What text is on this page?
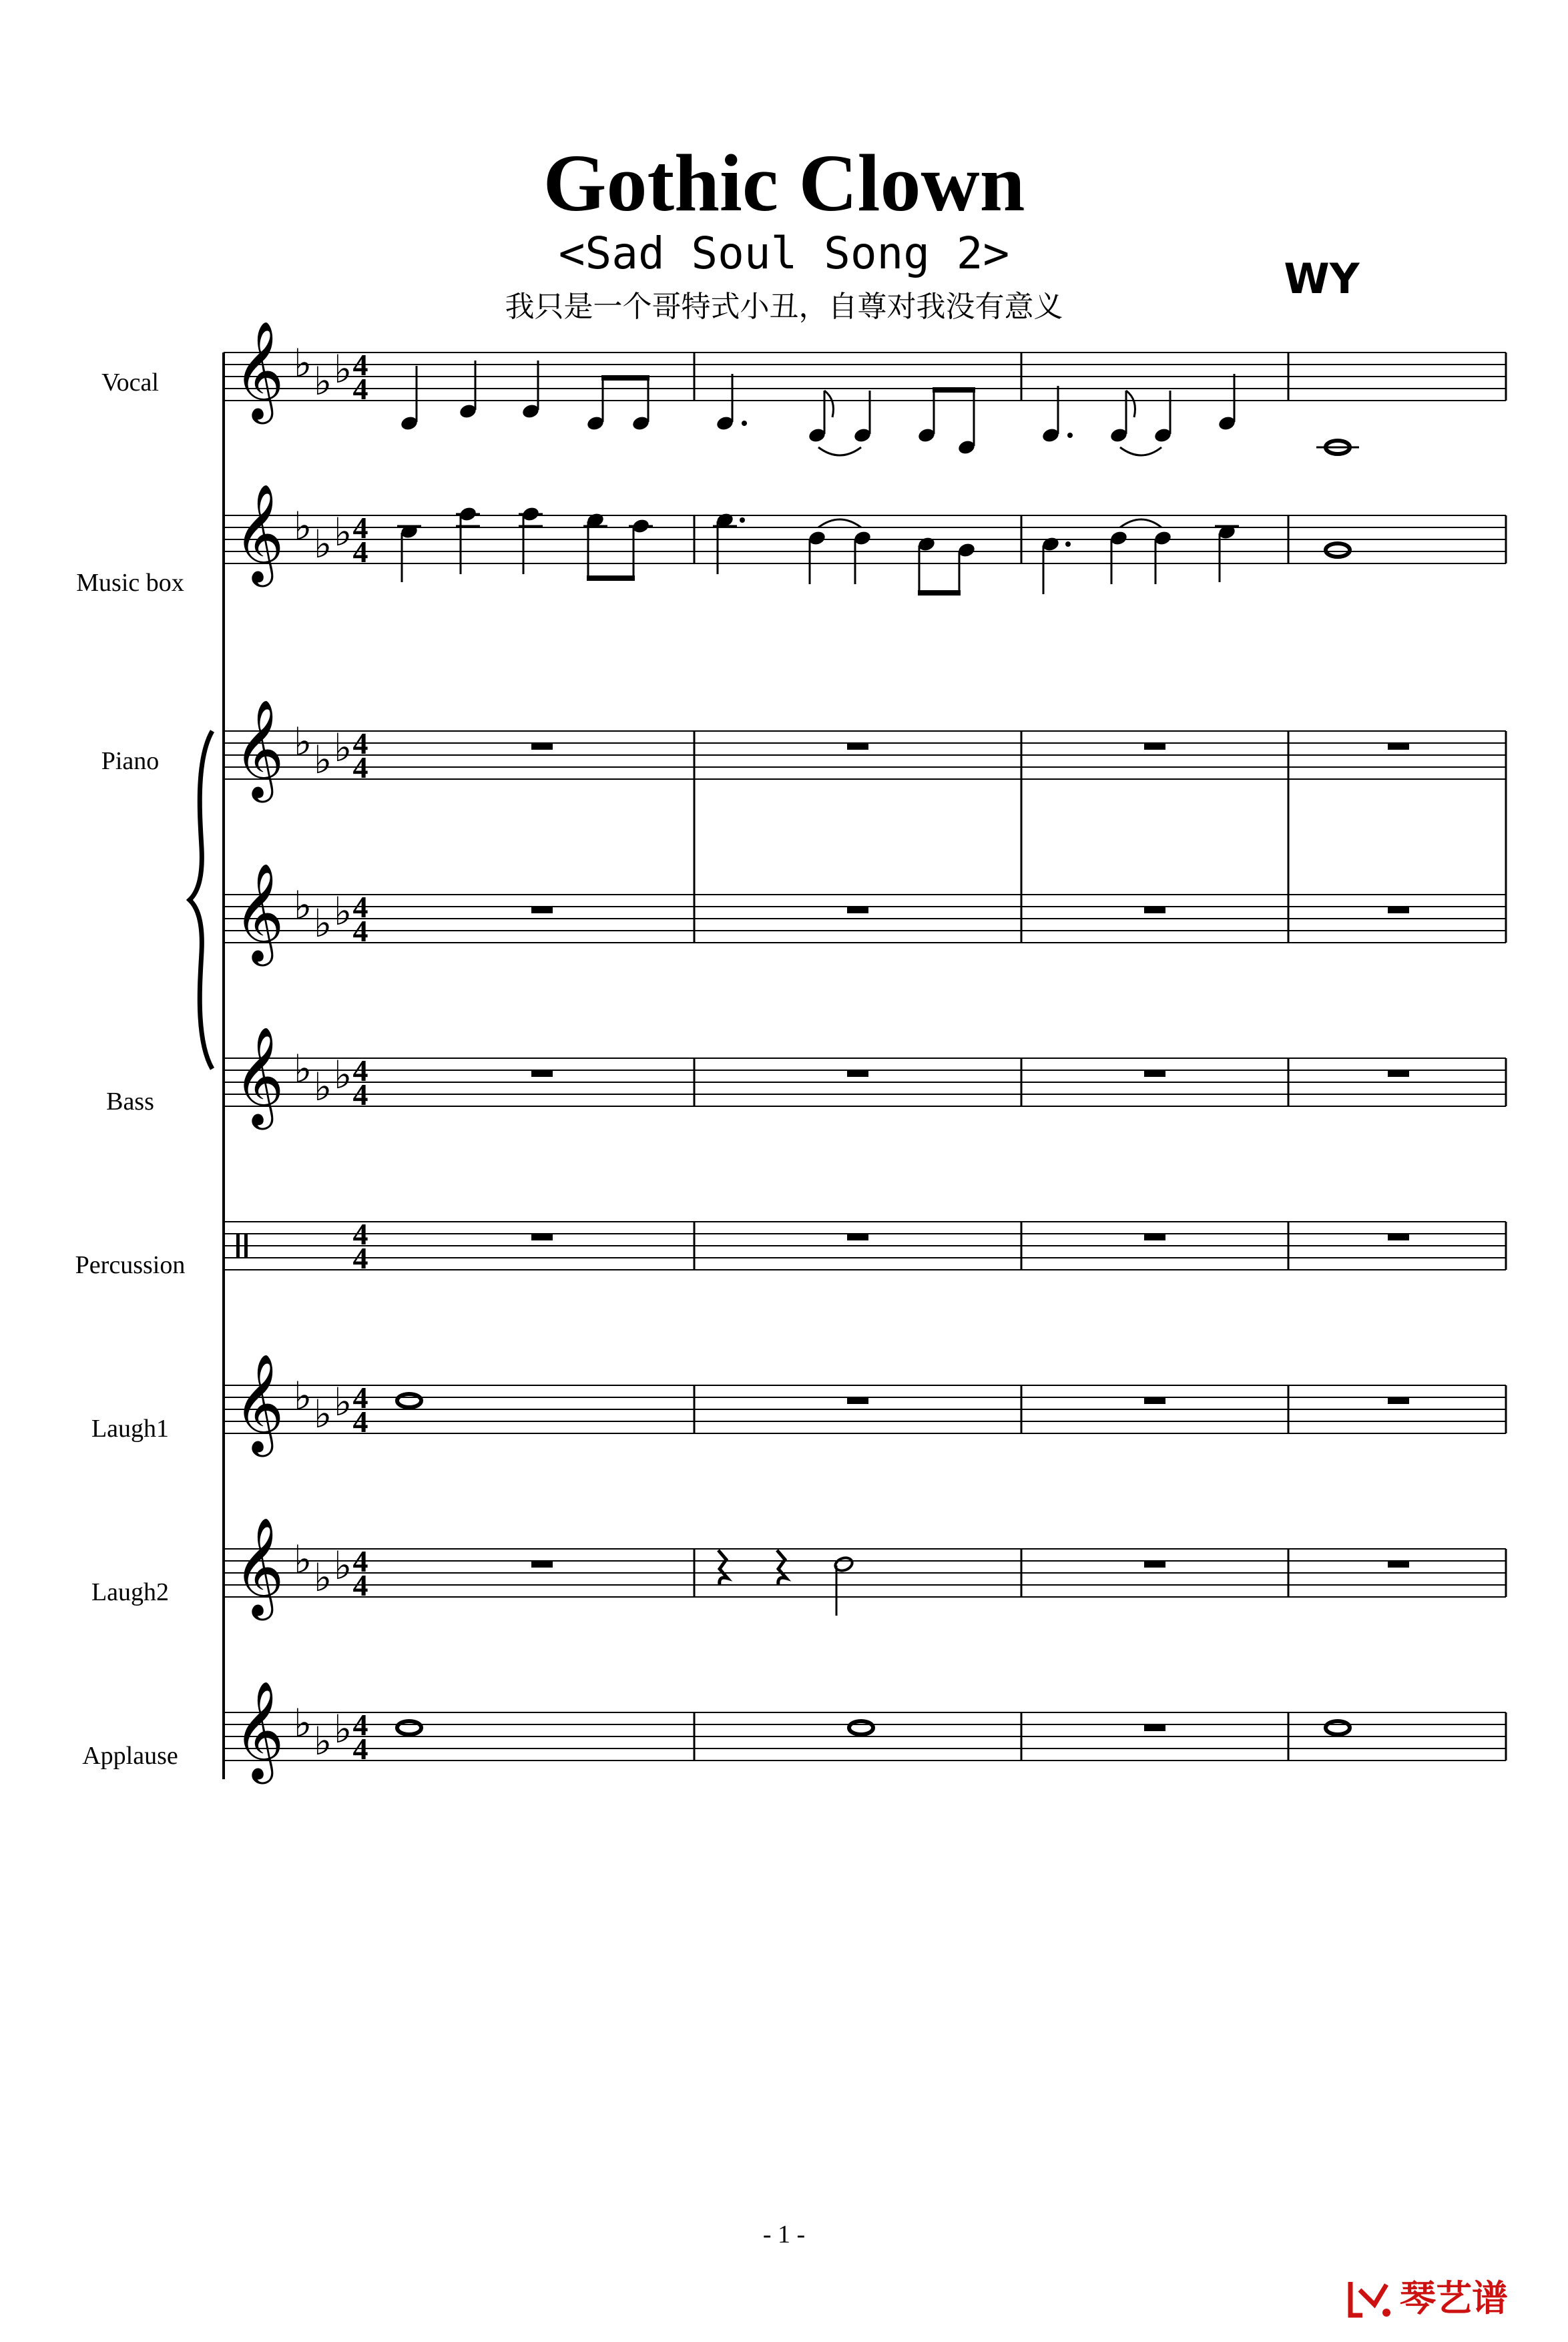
Gothic Clown
<Sad Soul Song 2>
我只是一个哥特式小丑，自尊对我没有意义
WY
Vocal
Music box
Piano
Bass
Percussion
Laugh1
Laugh2
Applause
𝄞 ♭ ♭ ♭ 4
4
𝄞 ♭ ♭ ♭ 4
4
𝄞 ♭ ♭ ♭ 4
4
𝄞 ♭ ♭ ♭ 4
4
𝄞 ♭ ♭ ♭ 4
4
4
4
𝄞 ♭ ♭ ♭ 4
4
𝄞 ♭ ♭ ♭ 4
4
𝄞 ♭ ♭ ♭ 4
4
- 1 -
琴艺谱
